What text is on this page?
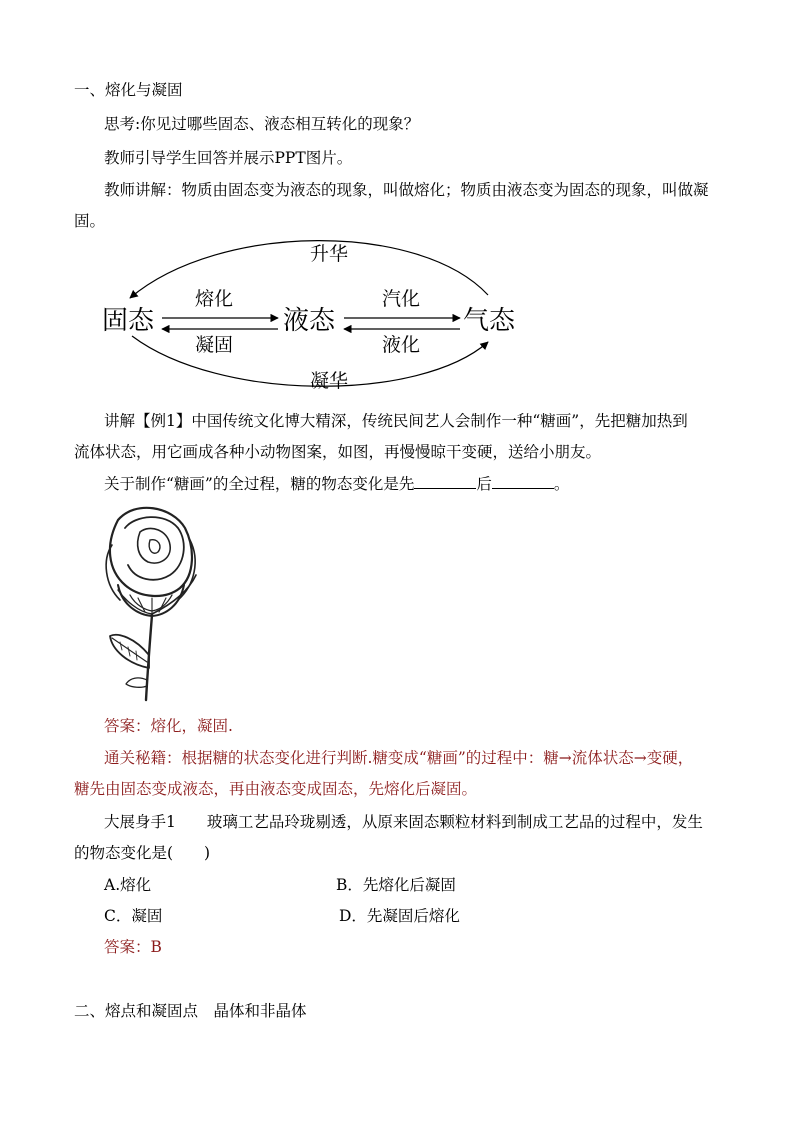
一、熔化与凝固
思考:你见过哪些固态、液态相互转化的现象？
教师引导学生回答并展示PPT图片。
教师讲解：物质由固态变为液态的现象，叫做熔化；物质由液态变为固态的现象，叫做凝
固。
固态	液态	气态
升华
熔化
凝固
汽化
液化
凝华
讲解【例1】中国传统文化博大精深，传统民间艺人会制作一种“糖画”，先把糖加热到
流体状态，用它画成各种小动物图案，如图，再慢慢晾干变硬，送给小朋友。
关于制作“糖画”的全过程，糖的物态变化是先	后	。
答案：熔化，凝固.
通关秘籍：根据糖的状态变化进行判断.糖变成“糖画”的过程中：糖→流体状态→变硬，
糖先由固态变成液态，再由液态变成固态，先熔化后凝固。
大展身手1　　玻璃工艺品玲珑剔透，从原来固态颗粒材料到制成工艺品的过程中，发生
的物态变化是(　　)
A.熔化	B．先熔化后凝固
C．凝固	D．先凝固后熔化
答案：B
二、熔点和凝固点　晶体和非晶体
